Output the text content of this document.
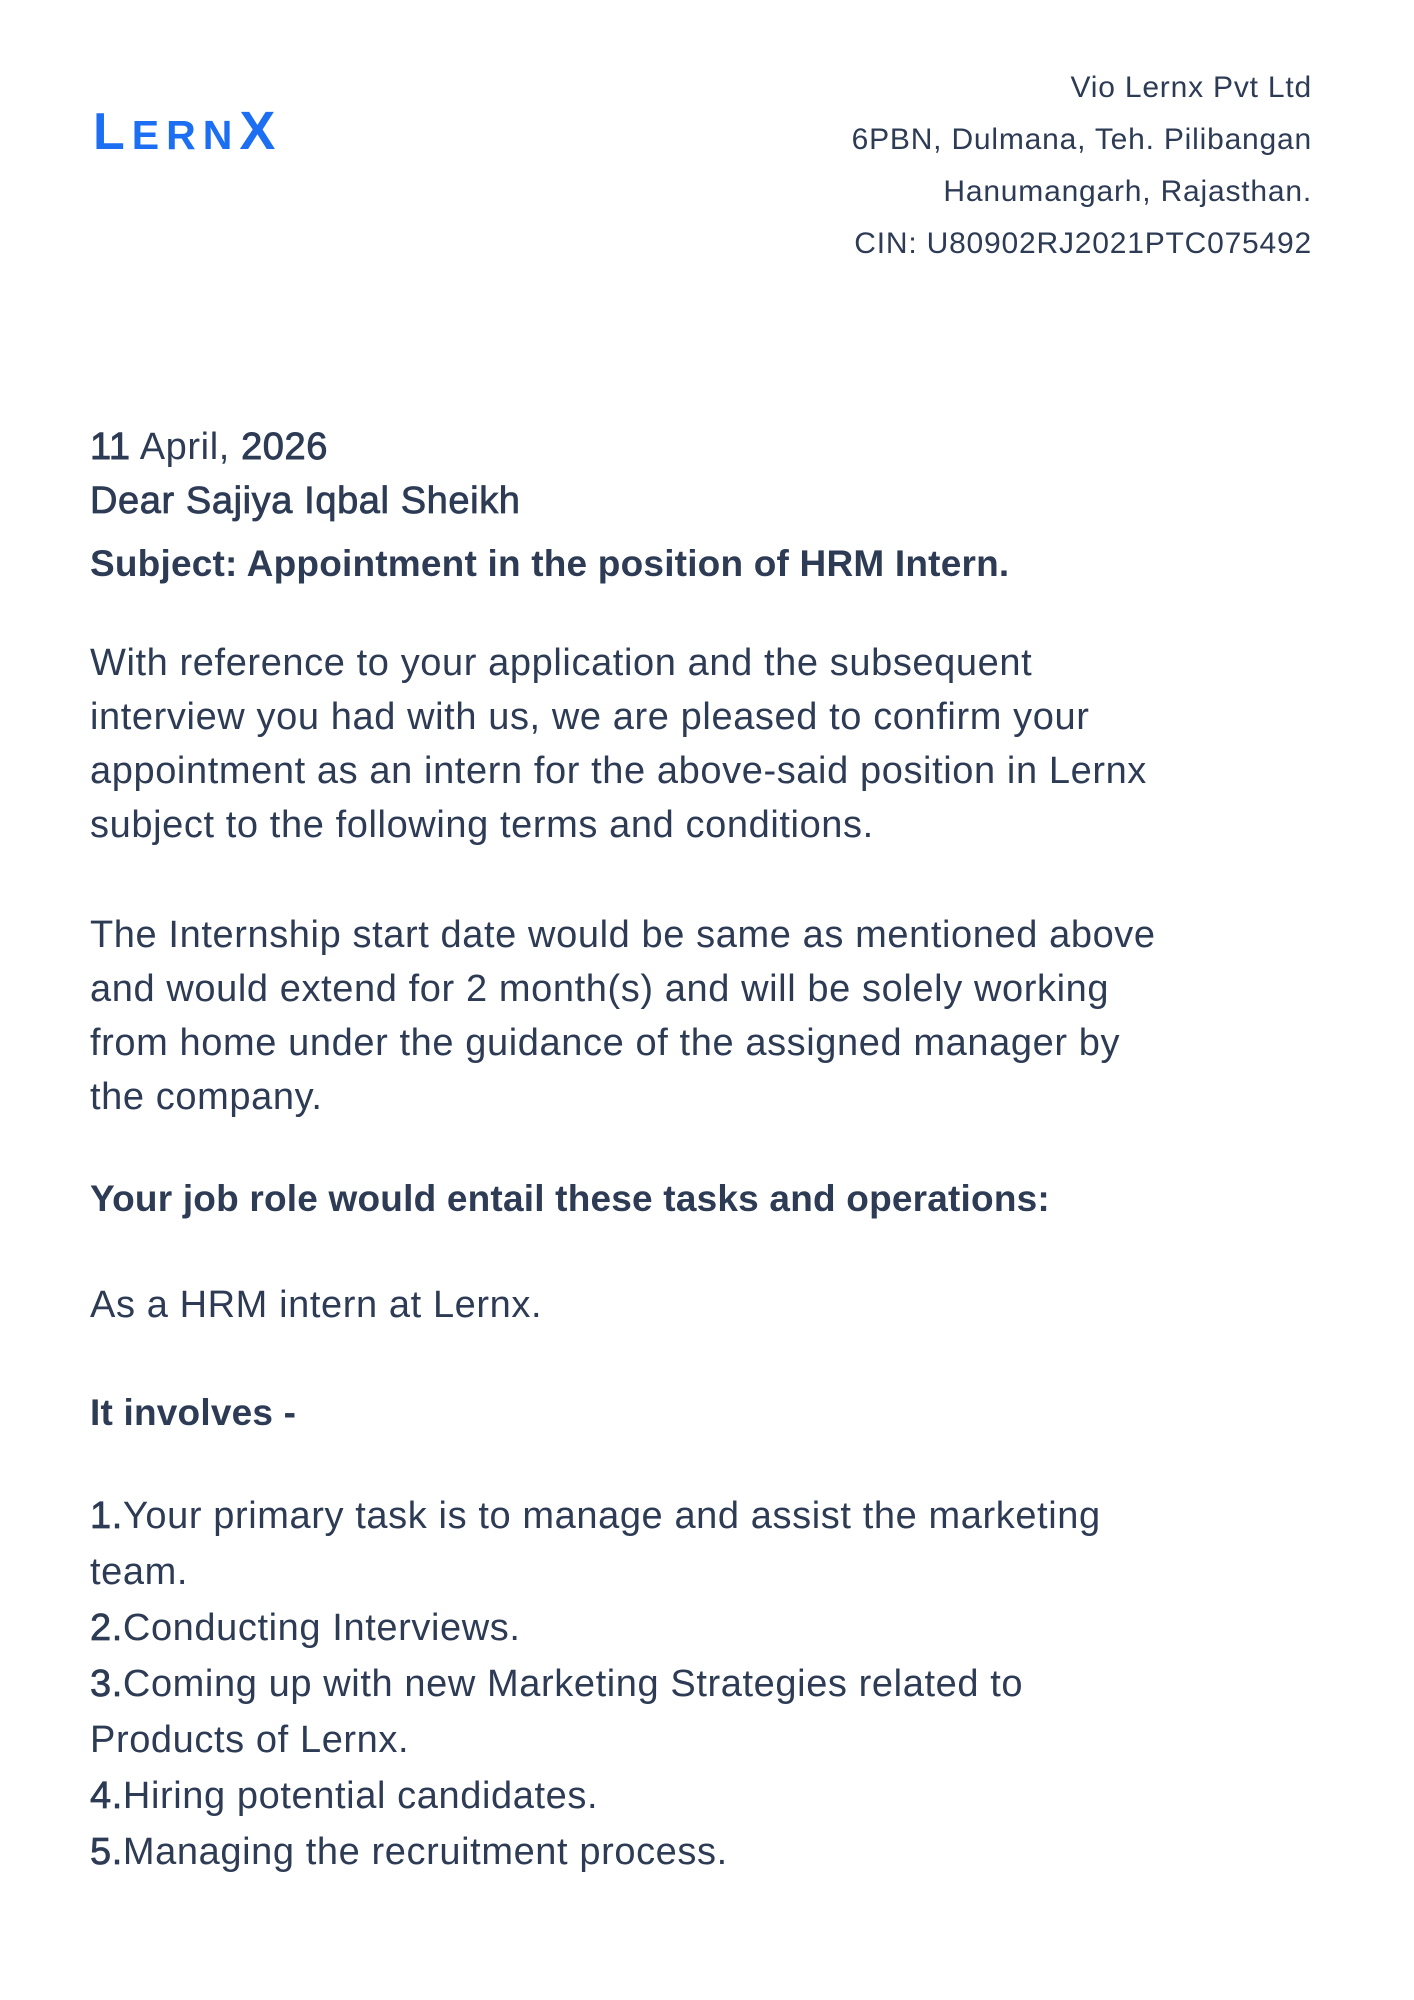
LERNX
Vio Lernx Pvt Ltd
6PBN, Dulmana, Teh. Pilibangan
Hanumangarh, Rajasthan.
CIN: U80902RJ2021PTC075492
11 April, 2026
Dear Sajiya Iqbal Sheikh
Subject: Appointment in the position of HRM Intern.
With reference to your application and the subsequent
interview you had with us, we are pleased to confirm your
appointment as an intern for the above-said position in Lernx
subject to the following terms and conditions.
The Internship start date would be same as mentioned above
and would extend for 2 month(s) and will be solely working
from home under the guidance of the assigned manager by
the company.
Your job role would entail these tasks and operations:
As a HRM intern at Lernx.
It involves -
1.Your primary task is to manage and assist the marketing
team.
2.Conducting Interviews.
3.Coming up with new Marketing Strategies related to
Products of Lernx.
4.Hiring potential candidates.
5.Managing the recruitment process.
